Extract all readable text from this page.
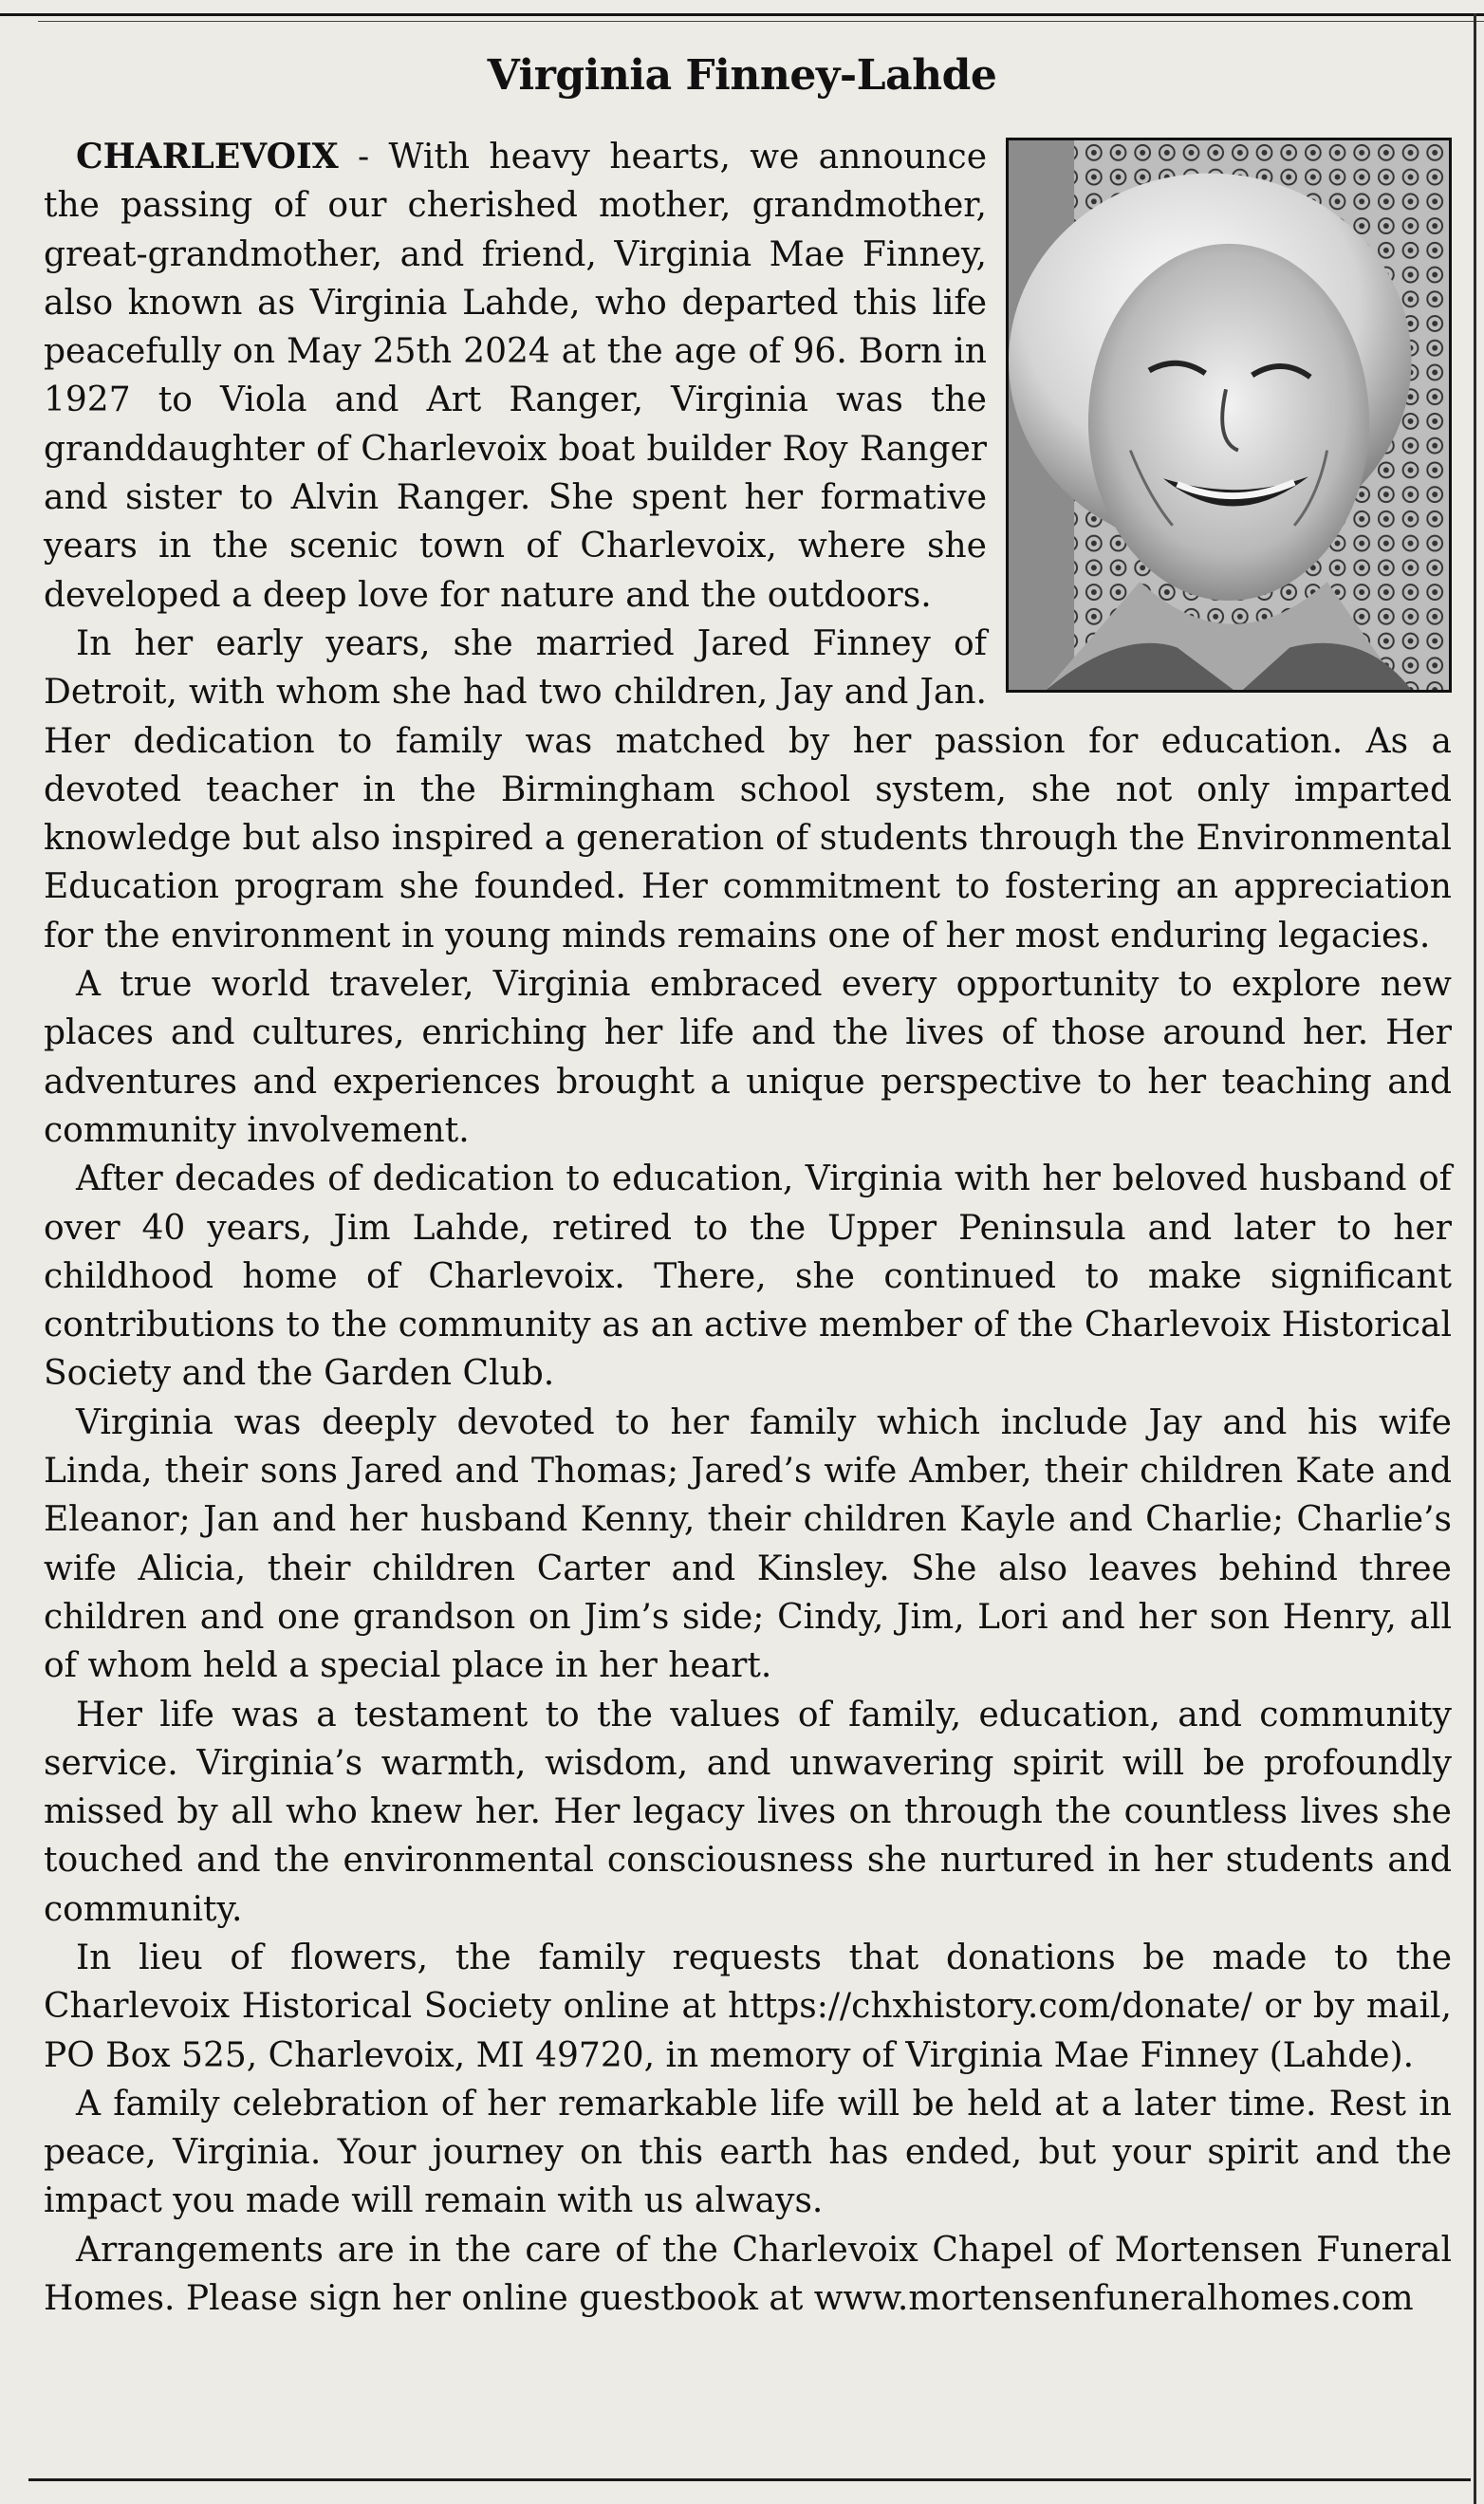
Virginia Finney-Lahde

CHARLEVOIX - With heavy hearts, we announce the passing of our cherished mother, grandmother, great-grandmother, and friend, Virginia Mae Finney, also known as Virginia Lahde, who departed this life peacefully on May 25th 2024 at the age of 96. Born in 1927 to Viola and Art Ranger, Virginia was the granddaughter of Charlevoix boat builder Roy Ranger and sister to Alvin Ranger. She spent her formative years in the scenic town of Charlevoix, where she developed a deep love for nature and the outdoors.

In her early years, she married Jared Finney of Detroit, with whom she had two children, Jay and Jan. Her dedication to family was matched by her passion for education. As a devoted teacher in the Birmingham school system, she not only imparted knowledge but also inspired a generation of students through the Environmental Education program she founded. Her commitment to fostering an appreciation for the environment in young minds remains one of her most enduring legacies.

A true world traveler, Virginia embraced every opportunity to explore new places and cultures, enriching her life and the lives of those around her. Her adventures and experiences brought a unique perspective to her teaching and community involvement.

After decades of dedication to education, Virginia with her beloved husband of over 40 years, Jim Lahde, retired to the Upper Peninsula and later to her childhood home of Charlevoix. There, she continued to make significant contributions to the community as an active member of the Charlevoix Historical Society and the Garden Club.

Virginia was deeply devoted to her family which include Jay and his wife Linda, their sons Jared and Thomas; Jared’s wife Amber, their children Kate and Eleanor; Jan and her husband Kenny, their children Kayle and Charlie; Charlie’s wife Alicia, their children Carter and Kinsley. She also leaves behind three children and one grandson on Jim’s side; Cindy, Jim, Lori and her son Henry, all of whom held a special place in her heart.

Her life was a testament to the values of family, education, and community service. Virginia’s warmth, wisdom, and unwavering spirit will be profoundly missed by all who knew her. Her legacy lives on through the countless lives she touched and the environmental consciousness she nurtured in her students and community.

In lieu of flowers, the family requests that donations be made to the Charlevoix Historical Society online at https://chxhistory.com/donate/ or by mail, PO Box 525, Charlevoix, MI 49720, in memory of Virginia Mae Finney (Lahde).

A family celebration of her remarkable life will be held at a later time. Rest in peace, Virginia. Your journey on this earth has ended, but your spirit and the impact you made will remain with us always.

Arrangements are in the care of the Charlevoix Chapel of Mortensen Funeral Homes. Please sign her online guestbook at www.mortensenfuneralhomes.com
